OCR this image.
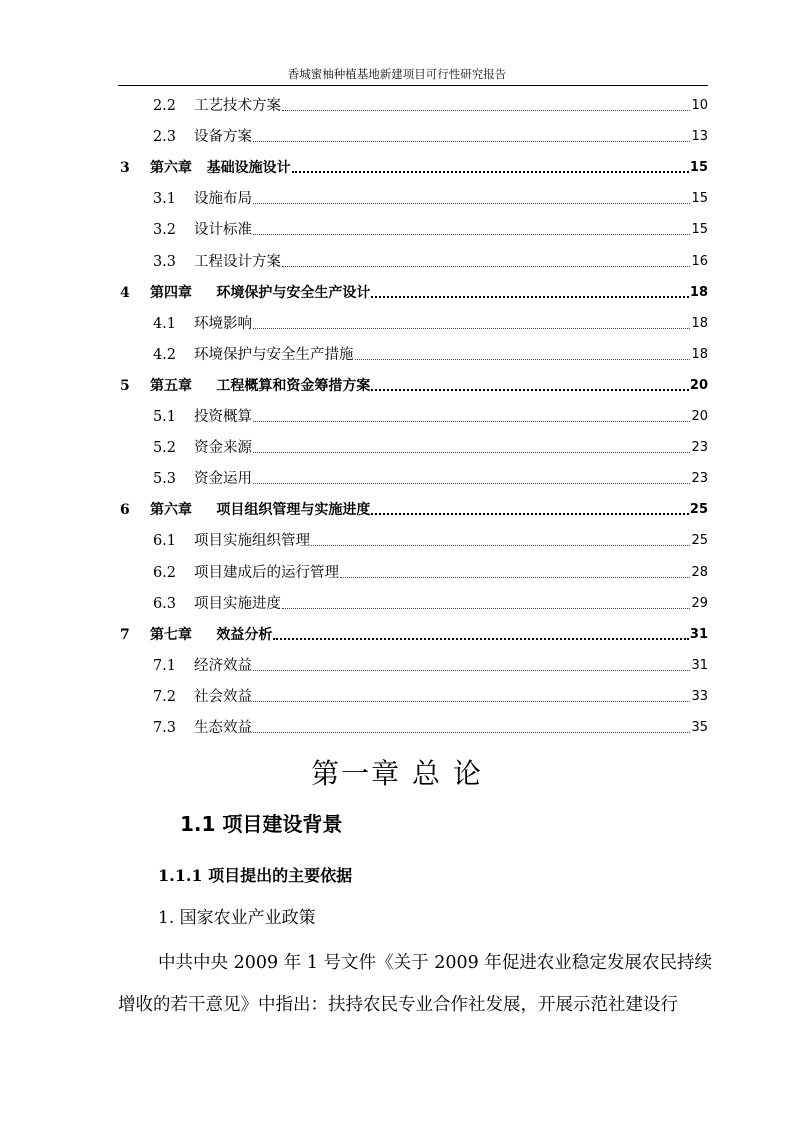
香城蜜柚种植基地新建项目可行性研究报告
2.2 工艺技术方案	10
2.3 设备方案	13
3	第六章   基础设施设计	15
3.1 设施布局	15
3.2 设计标准	15
3.3 工程设计方案	16
4	第四章     环境保护与安全生产设计	18
4.1 环境影响	18
4.2 环境保护与安全生产措施	18
5	第五章     工程概算和资金筹措方案	20
5.1 投资概算	20
5.2 资金来源	23
5.3 资金运用	23
6	第六章     项目组织管理与实施进度	25
6.1 项目实施组织管理	25
6.2 项目建成后的运行管理	28
6.3 项目实施进度	29
7	第七章     效益分析	31
7.1 经济效益	31
7.2 社会效益	33
7.3 生态效益	35
第一章 总 论
1.1 项目建设背景
1.1.1 项目提出的主要依据
1. 国家农业产业政策
中共中央 2009 年 1 号文件《关于 2009 年促进农业稳定发展农民持续增收的若干意见》中指出：扶持农民专业合作社发展，开展示范社建设行
